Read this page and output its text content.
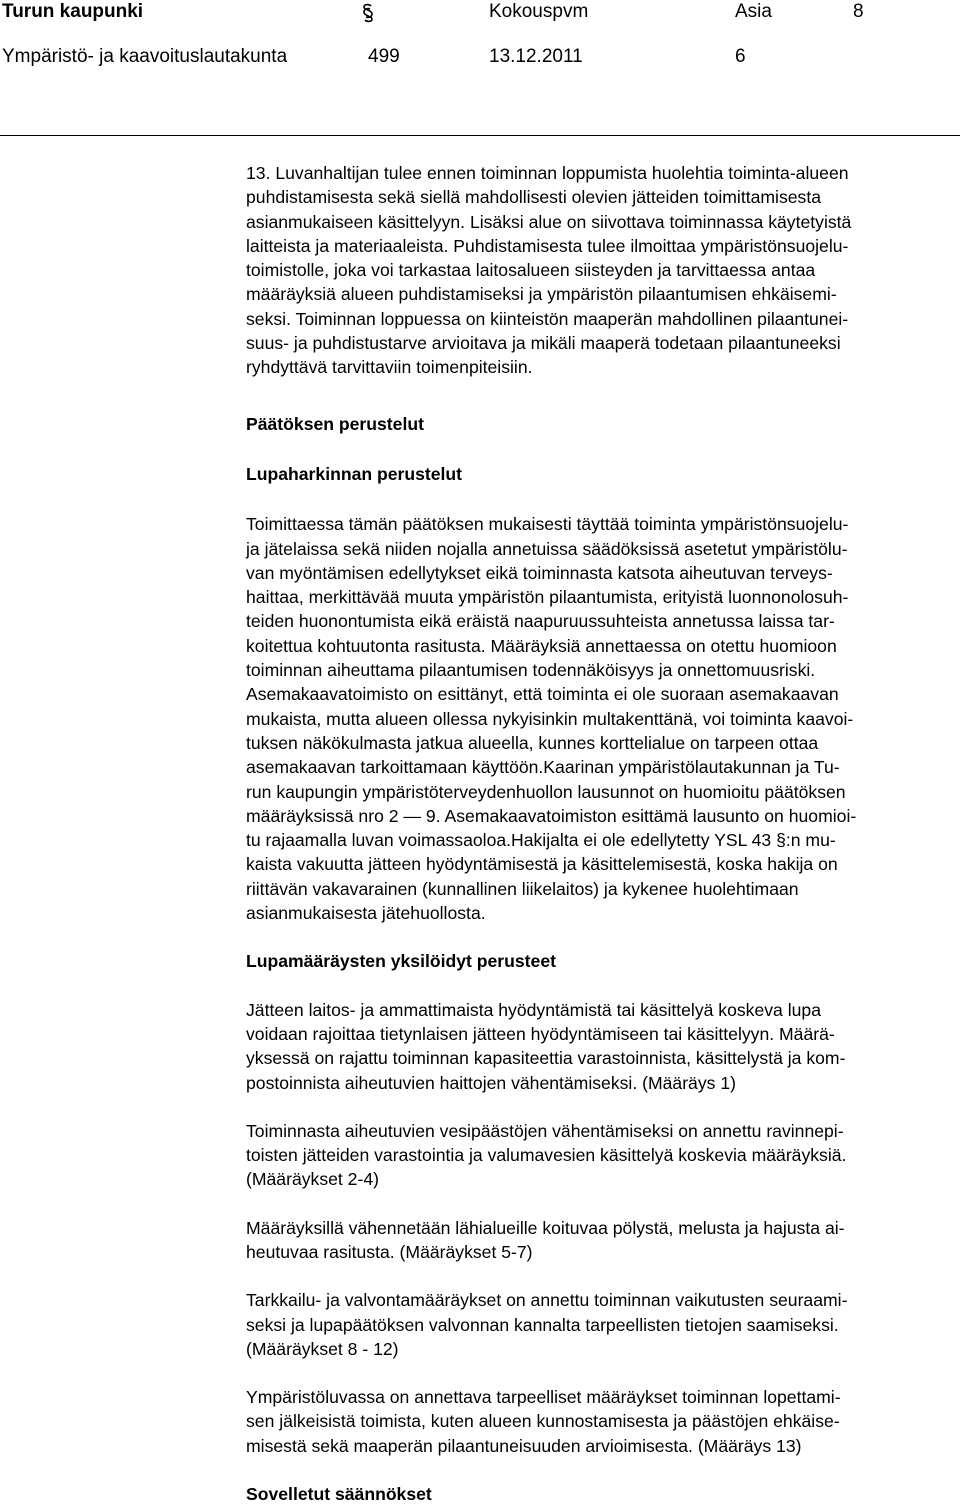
Turun kaupunki	Kokouspvm	Asia	8
Ympäristö- ja kaavoituslautakunta	499	13.12.2011	6

13. Luvanhaltijan tulee ennen toiminnan loppumista huolehtia toiminta-alueen
puhdistamisesta sekä siellä mahdollisesti olevien jätteiden toimittamisesta
asianmukaiseen käsittelyyn. Lisäksi alue on siivottava toiminnassa käytetyistä
laitteista ja materiaaleista. Puhdistamisesta tulee ilmoittaa ympäristönsuojelu-
toimistolle, joka voi tarkastaa laitosalueen siisteyden ja tarvittaessa antaa
määräyksiä alueen puhdistamiseksi ja ympäristön pilaantumisen ehkäisemi-
seksi. Toiminnan loppuessa on kiinteistön maaperän mahdollinen pilaantunei-
suus- ja puhdistustarve arvioitava ja mikäli maaperä todetaan pilaantuneeksi
ryhdyttävä tarvittaviin toimenpiteisiin.

Päätöksen perustelut

Lupaharkinnan perustelut

Toimittaessa tämän päätöksen mukaisesti täyttää toiminta ympäristönsuojelu-
ja jätelaissa sekä niiden nojalla annetuissa säädöksissä asetetut ympäristölu-
van myöntämisen edellytykset eikä toiminnasta katsota aiheutuvan terveys-
haittaa, merkittävää muuta ympäristön pilaantumista, erityistä luonnonolosuh-
teiden huonontumista eikä eräistä naapuruussuhteista annetussa laissa tar-
koitettua kohtuutonta rasitusta. Määräyksiä annettaessa on otettu huomioon
toiminnan aiheuttama pilaantumisen todennäköisyys ja onnettomuusriski.
Asemakaavatoimisto on esittänyt, että toiminta ei ole suoraan asemakaavan
mukaista, mutta alueen ollessa nykyisinkin multakenttänä, voi toiminta kaavoi-
tuksen näkökulmasta jatkua alueella, kunnes korttelialue on tarpeen ottaa
asemakaavan tarkoittamaan käyttöön.Kaarinan ympäristölautakunnan ja Tu-
run kaupungin ympäristöterveydenhuollon lausunnot on huomioitu päätöksen
määräyksissä nro 2 — 9. Asemakaavatoimiston esittämä lausunto on huomioi-
tu rajaamalla luvan voimassaoloa.Hakijalta ei ole edellytetty YSL 43 §:n mu-
kaista vakuutta jätteen hyödyntämisestä ja käsittelemisestä, koska hakija on
riittävän vakavarainen (kunnallinen liikelaitos) ja kykenee huolehtimaan
asianmukaisesta jätehuollosta.

Lupamääräysten yksilöidyt perusteet

Jätteen laitos- ja ammattimaista hyödyntämistä tai käsittelyä koskeva lupa
voidaan rajoittaa tietynlaisen jätteen hyödyntämiseen tai käsittelyyn. Määrä-
yksessä on rajattu toiminnan kapasiteettia varastoinnista, käsittelystä ja kom-
postoinnista aiheutuvien haittojen vähentämiseksi. (Määräys 1)

Toiminnasta aiheutuvien vesipäästöjen vähentämiseksi on annettu ravinnepi-
toisten jätteiden varastointia ja valumavesien käsittelyä koskevia määräyksiä.
(Määräykset 2-4)

Määräyksillä vähennetään lähialueille koituvaa pölystä, melusta ja hajusta ai-
heutuvaa rasitusta. (Määräykset 5-7)

Tarkkailu- ja valvontamääräykset on annettu toiminnan vaikutusten seuraami-
seksi ja lupapäätöksen valvonnan kannalta tarpeellisten tietojen saamiseksi.
(Määräykset 8 - 12)

Ympäristöluvassa on annettava tarpeelliset määräykset toiminnan lopettami-
sen jälkeisistä toimista, kuten alueen kunnostamisesta ja päästöjen ehkäise-
misestä sekä maaperän pilaantuneisuuden arvioimisesta. (Määräys 13)

Sovelletut säännökset
